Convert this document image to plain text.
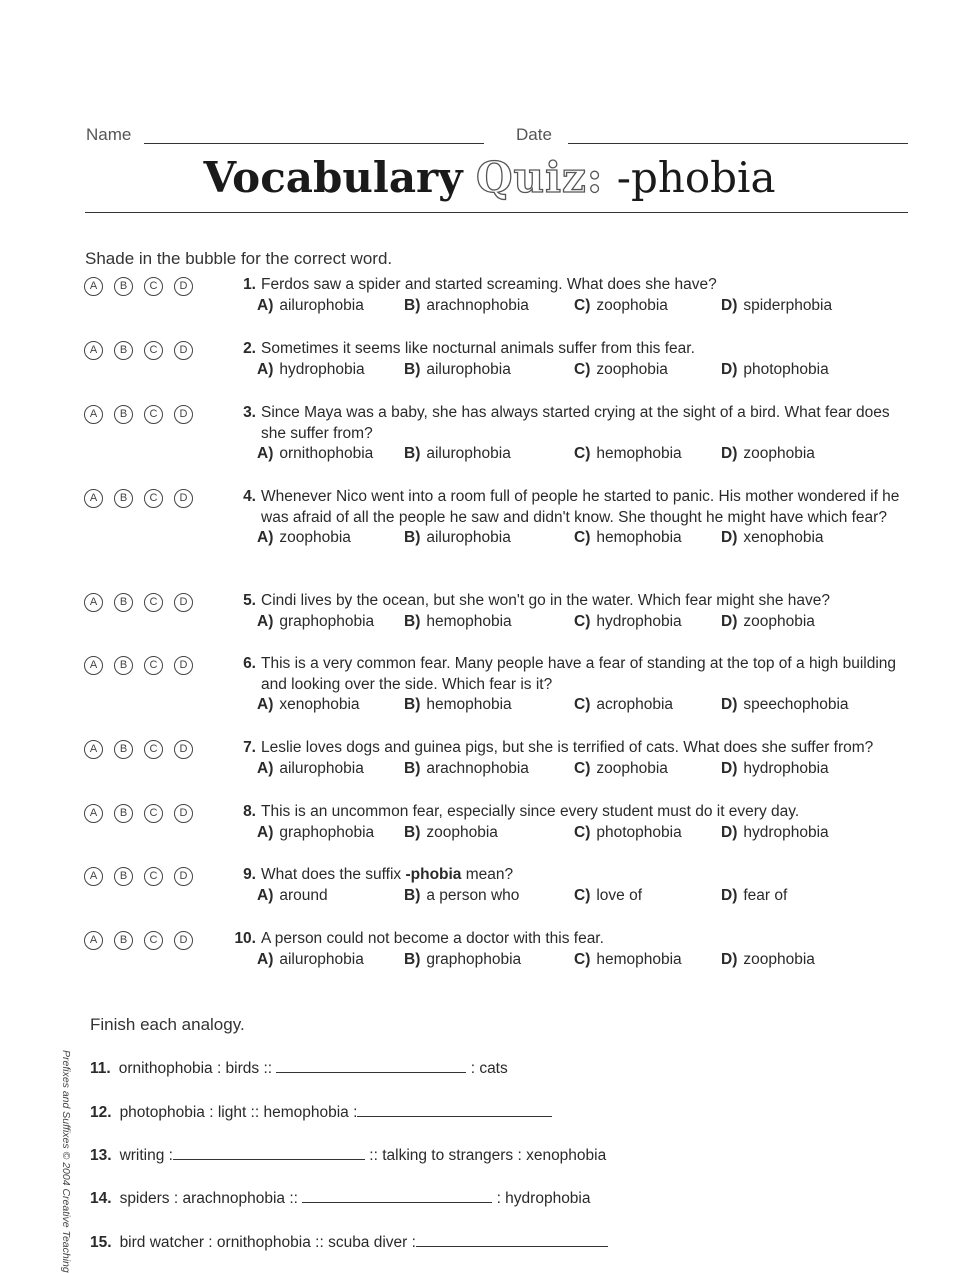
Name	Date
Vocabulary Quiz: -phobia
Shade in the bubble for the correct word.
A	B	C	D	1. Ferdos saw a spider and started screaming. What does she have?
A) ailurophobia	B) arachnophobia	C) zoophobia	D) spiderphobia
A	B	C	D	2. Sometimes it seems like nocturnal animals suffer from this fear.
A) hydrophobia	B) ailurophobia	C) zoophobia	D) photophobia
A	B	C	D	3. Since Maya was a baby, she has always started crying at the sight of a bird. What fear does she suffer from?
A) ornithophobia B) ailurophobia	C) hemophobia	D) zoophobia
A	B	C	D	4. Whenever Nico went into a room full of people he started to panic. His mother wondered if he was afraid of all the people he saw and didn't know. She thought he might have which fear?
A) zoophobia	B) ailurophobia	C) hemophobia	D) xenophobia
A	B	C	D	5. Cindi lives by the ocean, but she won't go in the water. Which fear might she have?
A) graphophobia B) hemophobia	C) hydrophobia	D) zoophobia
A	B	C	D	6. This is a very common fear. Many people have a fear of standing at the top of a high building and looking over the side. Which fear is it?
A) xenophobia	B) hemophobia	C) acrophobia	D) speechophobia
A	B	C	D	7. Leslie loves dogs and guinea pigs, but she is terrified of cats. What does she suffer from?
A) ailurophobia	B) arachnophobia	C) zoophobia	D) hydrophobia
A	B	C	D	8. This is an uncommon fear, especially since every student must do it every day.
A) graphophobia B) zoophobia	C) photophobia	D) hydrophobia
A	B	C	D	9. What does the suffix -phobia mean?
A) around	B) a person who	C) love of	D) fear of
A	B	C	D	10. A person could not become a doctor with this fear.
A) ailurophobia	B) graphophobia	C) hemophobia	D) zoophobia
Finish each analogy.
11. ornithophobia : birds ::	: cats
12. photophobia : light :: hemophobia :
13. writing :	:: talking to strangers : xenophobia
14. spiders : arachnophobia ::	: hydrophobia
15. bird watcher : ornithophobia :: scuba diver :
Prefixes and Suffixes © 2004 Creative Teaching
